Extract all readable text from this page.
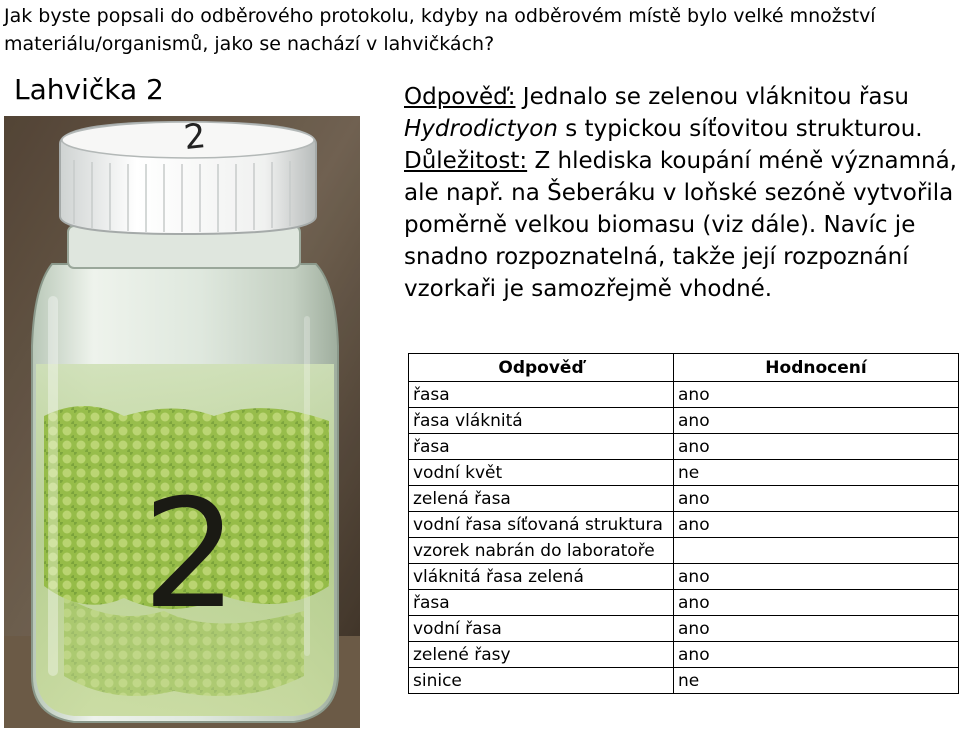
Jak byste popsali do odběrového protokolu, kdyby na odběrovém místě bylo velké množství materiálu/organismů, jako se nachází v lahvičkách?
Lahvička 2
2
2
Odpověď: Jednalo se zelenou vláknitou řasu Hydrodictyon s typickou síťovitou strukturou.
Důležitost: Z hlediska koupání méně významná, ale např. na Šeberáku v loňské sezóně vytvořila poměrně velkou biomasu (viz dále). Navíc je snadno rozpoznatelná, takže její rozpoznání vzorkaři je samozřejmě vhodné.
Odpověď	Hodnocení
řasa	ano
řasa vláknitá	ano
řasa	ano
vodní květ	ne
zelená řasa	ano
vodní řasa síťovaná struktura	ano
vzorek nabrán do laboratoře	
vláknitá řasa zelená	ano
řasa	ano
vodní řasa	ano
zelené řasy	ano
sinice	ne
